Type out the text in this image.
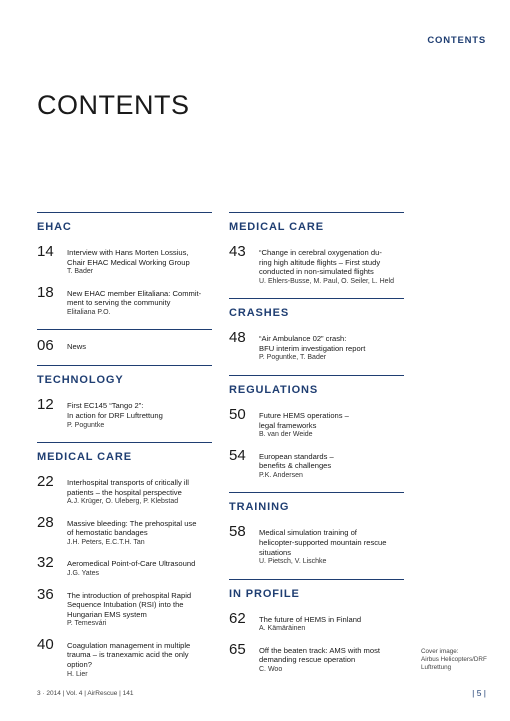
CONTENTS
CONTENTS
EHAC
14	Interview with Hans Morten Lossius,
Chair EHAC Medical Working Group
T. Bader
18	New EHAC member Elitaliana: Commit-
ment to serving the community
Elitaliana P.O.
06	News
TECHNOLOGY
12	First EC145 “Tango 2”:
In action for DRF Luftrettung
P. Poguntke
MEDICAL CARE
22	Interhospital transports of critically ill
patients – the hospital perspective
A.J. Krüger, O. Uleberg, P. Klebstad
28	Massive bleeding: The prehospital use
of hemostatic bandages
J.H. Peters, E.C.T.H. Tan
32	Aeromedical Point-of-Care Ultrasound
J.G. Yates
36	The introduction of prehospital Rapid
Sequence Intubation (RSI) into the
Hungarian EMS system
P. Temesvári
40	Coagulation management in multiple
trauma – is tranexamic acid the only
option?
H. Lier
MEDICAL CARE
43	“Change in cerebral oxygenation du-
ring high altitude flights – First study
conducted in non-simulated flights
U. Ehlers-Busse, M. Paul, O. Seiler, L. Held
CRASHES
48	“Air Ambulance 02” crash:
BFU interim investigation report
P. Poguntke, T. Bader
REGULATIONS
50	Future HEMS operations –
legal frameworks
B. van der Weide
54	European standards –
benefits & challenges
P.K. Andersen
TRAINING
58	Medical simulation training of
helicopter-supported mountain rescue
situations
U. Pietsch, V. Lischke
IN PROFILE
62	The future of HEMS in Finland
A. Kämäräinen
65	Off the beaten track: AMS with most
demanding rescue operation
C. Woo
Cover image:
Airbus Helicopters/DRF
Luftrettung
3 · 2014 | Vol. 4 | AirRescue | 141	| 5 |
